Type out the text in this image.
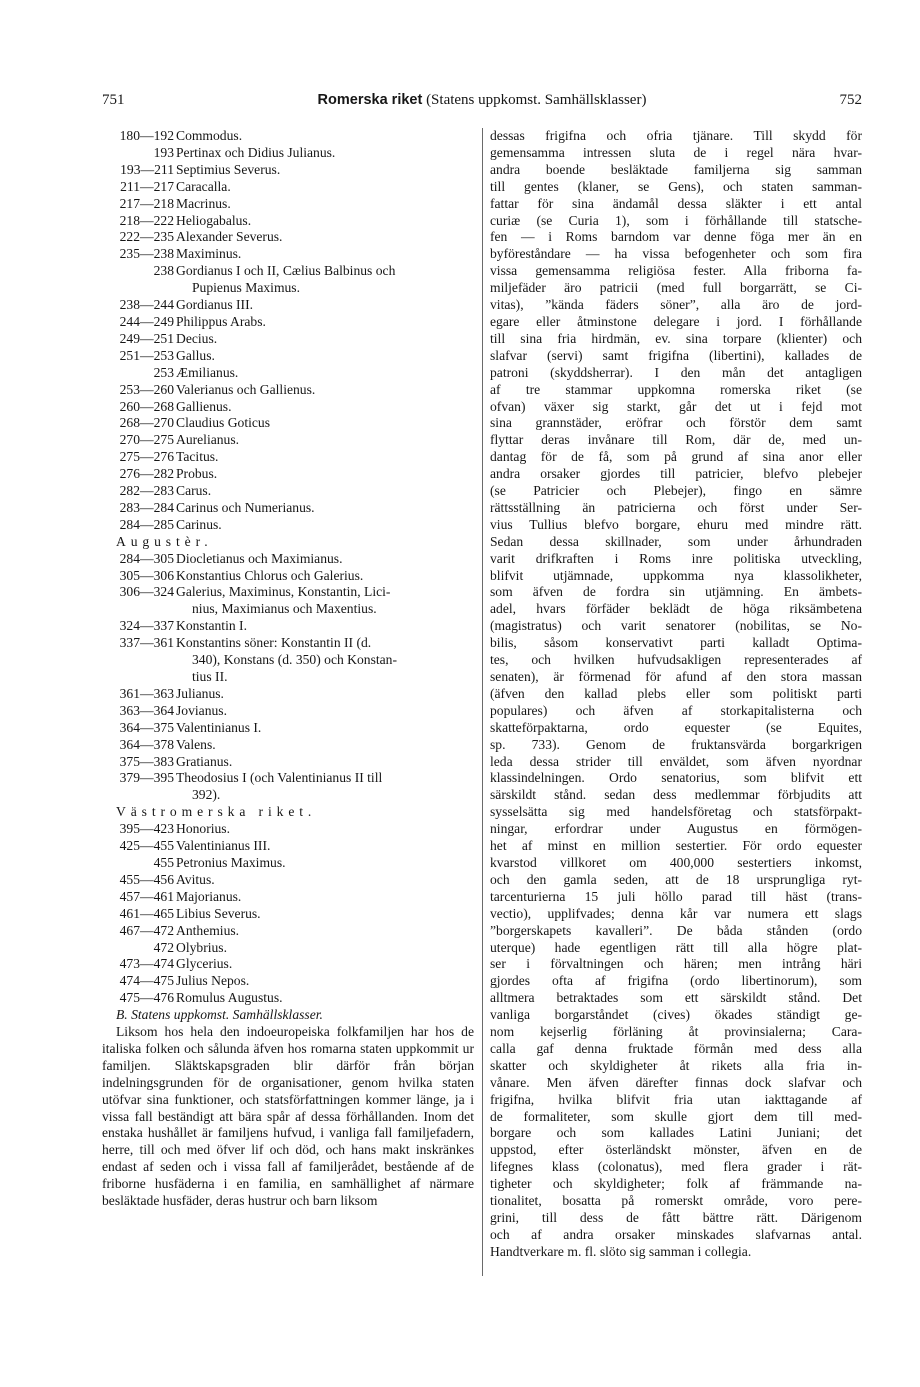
751	Romerska riket (Statens uppkomst. Samhällsklasser)	752
180—192 Commodus.
193 Pertinax och Didius Julianus.
193—211 Septimius Severus.
211—217 Caracalla.
217—218 Macrinus.
218—222 Heliogabalus.
222—235 Alexander Severus.
235—238 Maximinus.
238 Gordianus I och II, Cælius Balbinus och
Pupienus Maximus.
238—244 Gordianus III.
244—249 Philippus Arabs.
249—251 Decius.
251—253 Gallus.
253 Æmilianus.
253—260 Valerianus och Gallienus.
260—268 Gallienus.
268—270 Claudius Goticus
270—275 Aurelianus.
275—276 Tacitus.
276—282 Probus.
282—283 Carus.
283—284 Carinus och Numerianus.
284—285 Carinus.
Augustèr.
284—305 Diocletianus och Maximianus.
305—306 Konstantius Chlorus och Galerius.
306—324 Galerius, Maximinus, Konstantin, Lici-
nius, Maximianus och Maxentius.
324—337 Konstantin I.
337—361 Konstantins söner: Konstantin II (d.
340), Konstans (d. 350) och Konstan-
tius II.
361—363 Julianus.
363—364 Jovianus.
364—375 Valentinianus I.
364—378 Valens.
375—383 Gratianus.
379—395 Theodosius I (och Valentinianus II till
392).
Västromerska riket.
395—423 Honorius.
425—455 Valentinianus III.
455 Petronius Maximus.
455—456 Avitus.
457—461 Majorianus.
461—465 Libius Severus.
467—472 Anthemius.
472 Olybrius.
473—474 Glycerius.
474—475 Julius Nepos.
475—476 Romulus Augustus.
B. Statens uppkomst. Samhällsklasser.
Liksom hos hela den indoeuropeiska folkfamiljen har hos de italiska folken och sålunda äfven hos romarna staten uppkommit ur familjen. Släktskapsgraden blir därför från början indelningsgrunden för de organisationer, genom hvilka staten utöfvar sina funktioner, och statsförfattningen kommer länge, ja i vissa fall beständigt att bära spår af dessa förhållanden. Inom det enstaka hushållet är familjens hufvud, i vanliga fall familjefadern, herre, till och med öfver lif och död, och hans makt inskränkes endast af seden och i vissa fall af familjerådet, bestående af de friborne husfäderna i en familia, en samhällighet af närmare besläktade husfäder, deras hustrur och barn liksom
dessas frigifna och ofria tjänare. Till skydd för
gemensamma intressen sluta de i regel nära hvar-
andra boende besläktade familjerna sig samman
till gentes (klaner, se Gens), och staten samman-
fattar för sina ändamål dessa släkter i ett antal
curiæ (se Curia 1), som i förhållande till statsche-
fen — i Roms barndom var denne föga mer än en
byföreståndare — ha vissa befogenheter och som fira
vissa gemensamma religiösa fester. Alla friborna fa-
miljefäder äro patricii (med full borgarrätt, se Ci-
vitas), ”kända fäders söner”, alla äro de jord-
egare eller åtminstone delegare i jord. I förhållande
till sina fria hirdmän, ev. sina torpare (klienter) och
slafvar (servi) samt frigifna (libertini), kallades de
patroni (skyddsherrar). I den mån det antagligen
af tre stammar uppkomna romerska riket (se
ofvan) växer sig starkt, går det ut i fejd mot
sina grannstäder, eröfrar och förstör dem samt
flyttar deras invånare till Rom, där de, med un-
dantag för de få, som på grund af sina anor eller
andra orsaker gjordes till patricier, blefvo plebejer
(se Patricier och Plebejer), fingo en sämre
rättsställning än patricierna och först under Ser-
vius Tullius blefvo borgare, ehuru med mindre rätt.
Sedan dessa skillnader, som under århundraden
varit drifkraften i Roms inre politiska utveckling,
blifvit utjämnade, uppkomma nya klassolikheter,
som äfven de fordra sin utjämning. En ämbets-
adel, hvars förfäder beklädt de höga riksämbetena
(magistratus) och varit senatorer (nobilitas, se No-
bilis, såsom konservativt parti kalladt Optima-
tes, och hvilken hufvudsakligen representerades af
senaten), är förmenad för afund af den stora massan
(äfven den kallad plebs eller som politiskt parti
populares) och äfven af storkapitalisterna och
skatteförpaktarna, ordo equester (se Equites,
sp. 733). Genom de fruktansvärda borgarkrigen
leda dessa strider till enväldet, som äfven nyordnar
klassindelningen. Ordo senatorius, som blifvit ett
särskildt stånd. sedan dess medlemmar förbjudits att
sysselsätta sig med handelsföretag och statsförpakt-
ningar, erfordrar under Augustus en förmögen-
het af minst en million sestertier. För ordo equester
kvarstod villkoret om 400,000 sestertiers inkomst,
och den gamla seden, att de 18 ursprungliga ryt-
tarcenturierna 15 juli höllo parad till häst (trans-
vectio), upplifvades; denna kår var numera ett slags
”borgerskapets kavalleri”. De båda stånden (ordo
uterque) hade egentligen rätt till alla högre plat-
ser i förvaltningen och hären; men intrång häri
gjordes ofta af frigifna (ordo libertinorum), som
alltmera betraktades som ett särskildt stånd. Det
vanliga borgarståndet (cives) ökades ständigt ge-
nom kejserlig förläning åt provinsialerna; Cara-
calla gaf denna fruktade förmån med dess alla
skatter och skyldigheter åt rikets alla fria in-
vånare. Men äfven därefter finnas dock slafvar och
frigifna, hvilka blifvit fria utan iakttagande af
de formaliteter, som skulle gjort dem till med-
borgare och som kallades Latini Juniani; det
uppstod, efter österländskt mönster, äfven en de
lifegnes klass (colonatus), med flera grader i rät-
tigheter och skyldigheter; folk af främmande na-
tionalitet, bosatta på romerskt område, voro pere-
grini, till dess de fått bättre rätt. Därigenom
och af andra orsaker minskades slafvarnas antal.
Handtverkare m. fl. slöto sig samman i collegia.
